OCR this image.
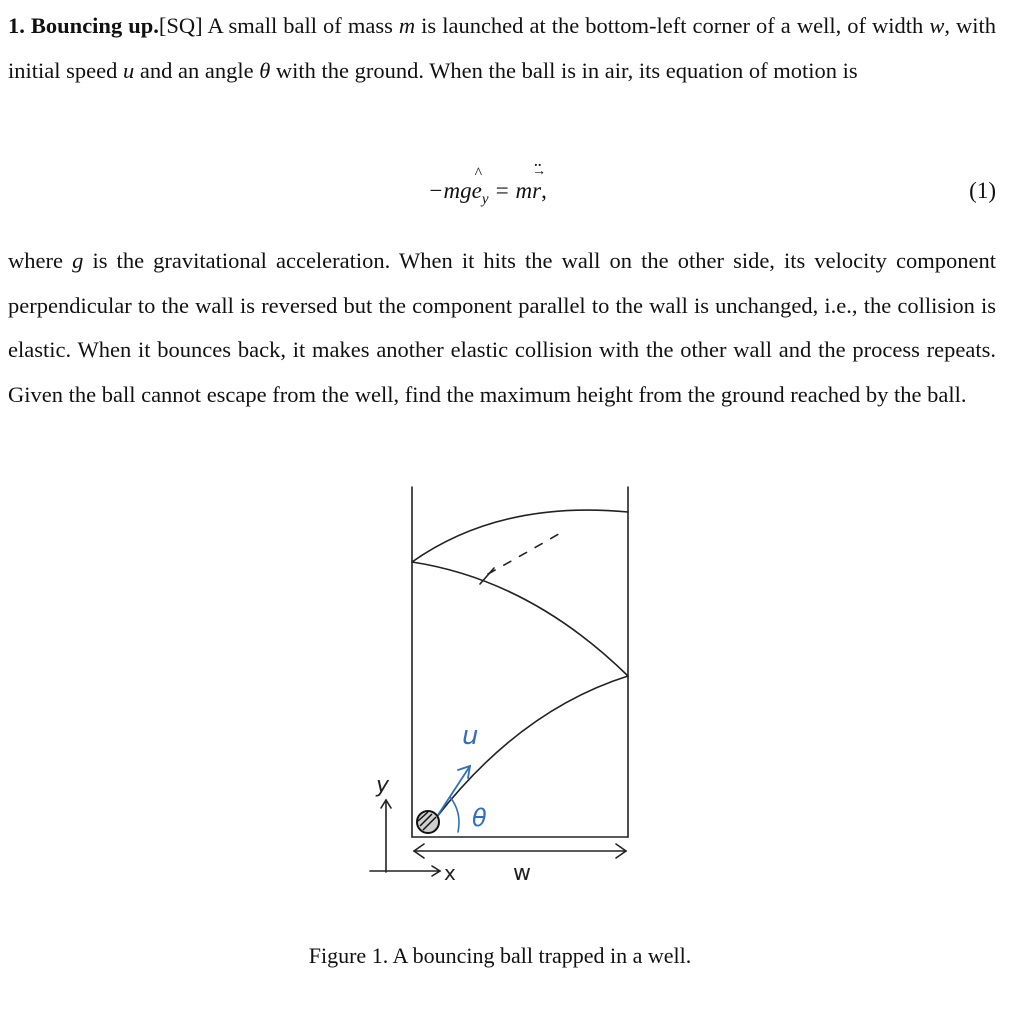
1. Bouncing up.[SQ] A small ball of mass m is launched at the bottom-left corner of a well, of width w, with initial speed u and an angle θ with the ground. When the ball is in air, its equation of motion is

−mge $\^{}_y = m\to r$ ¨,	(1)

where g is the gravitational acceleration. When it hits the wall on the other side, its velocity component perpendicular to the wall is reversed but the component parallel to the wall is unchanged, i.e., the collision is elastic. When it bounces back, it makes another elastic collision with the other wall and the process repeats. Given the ball cannot escape from the well, find the maximum height from the ground reached by the ball.

u
θ
y
x	w
Figure 1. A bouncing ball trapped in a well.
